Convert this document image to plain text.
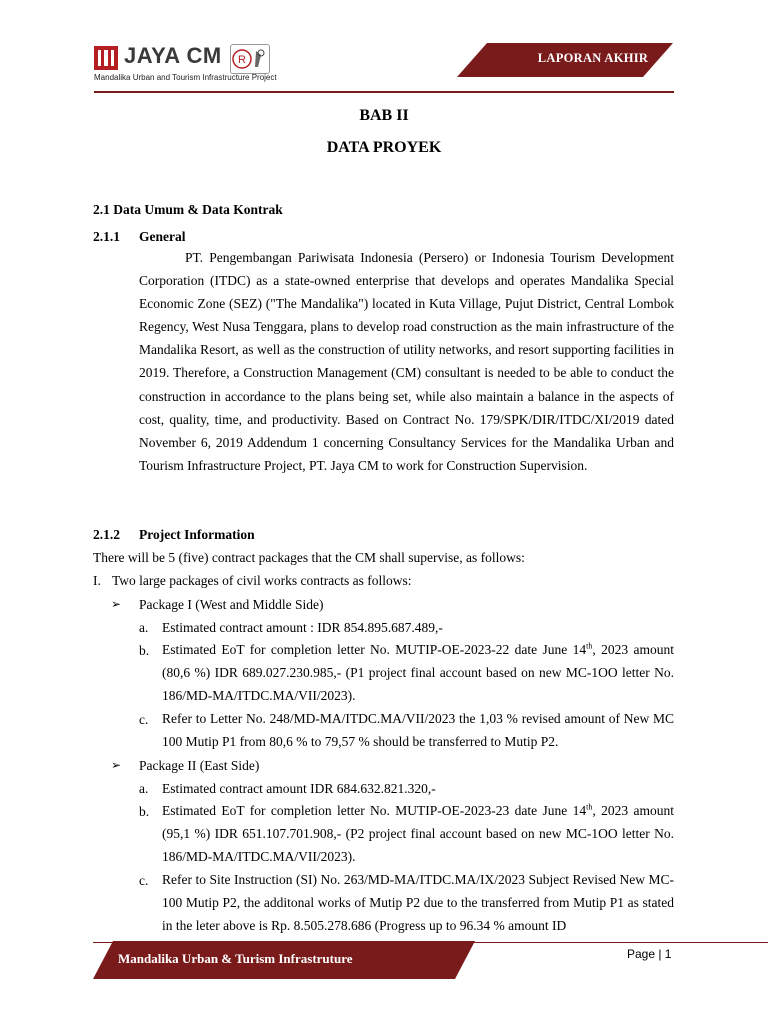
JAYA CM R
Mandalika Urban and Tourism Infrastructure Project
LAPORAN AKHIR
BAB II
DATA PROYEK
2.1 Data Umum & Data Kontrak
2.1.1 General

PT. Pengembangan Pariwisata Indonesia (Persero) or Indonesia Tourism Development Corporation (ITDC) as a state-owned enterprise that develops and operates Mandalika Special Economic Zone (SEZ) ("The Mandalika") located in Kuta Village, Pujut District, Central Lombok Regency, West Nusa Tenggara, plans to develop road construction as the main infrastructure of the Mandalika Resort, as well as the construction of utility networks, and resort supporting facilities in 2019. Therefore, a Construction Management (CM) consultant is needed to be able to conduct the construction in accordance to the plans being set, while also maintain a balance in the aspects of cost, quality, time, and productivity. Based on Contract No. 179/SPK/DIR/ITDC/XI/2019 dated November 6, 2019 Addendum 1 concerning Consultancy Services for the Mandalika Urban and Tourism Infrastructure Project, PT. Jaya CM to work for Construction Supervision.

2.1.2 Project Information
There will be 5 (five) contract packages that the CM shall supervise, as follows:
I. Two large packages of civil works contracts as follows:
➢ Package I (West and Middle Side)
a. Estimated contract amount : IDR 854.895.687.489,-
b. Estimated EoT for completion letter No. MUTIP-OE-2023-22 date June 14th, 2023 amount (80,6 %) IDR 689.027.230.985,- (P1 project final account based on new MC-1OO letter No. 186/MD-MA/ITDC.MA/VII/2023).

c. Refer to Letter No. 248/MD-MA/ITDC.MA/VII/2023 the 1,03 % revised amount of New MC 100 Mutip P1 from 80,6 % to 79,57 % should be transferred to Mutip P2.

➢ Package II (East Side)
a. Estimated contract amount IDR 684.632.821.320,-
b. Estimated EoT for completion letter No. MUTIP-OE-2023-23 date June 14th, 2023 amount (95,1 %) IDR 651.107.701.908,- (P2 project final account based on new MC-1OO letter No. 186/MD-MA/ITDC.MA/VII/2023).

c. Refer to Site Instruction (SI) No. 263/MD-MA/ITDC.MA/IX/2023 Subject Revised New MC-100 Mutip P2, the additonal works of Mutip P2 due to the transferred from Mutip P1 as stated in the leter above is Rp. 8.505.278.686 (Progress up to 96.34 % amount ID

Mandalika Urban & Turism Infrastruture	Page | 1
